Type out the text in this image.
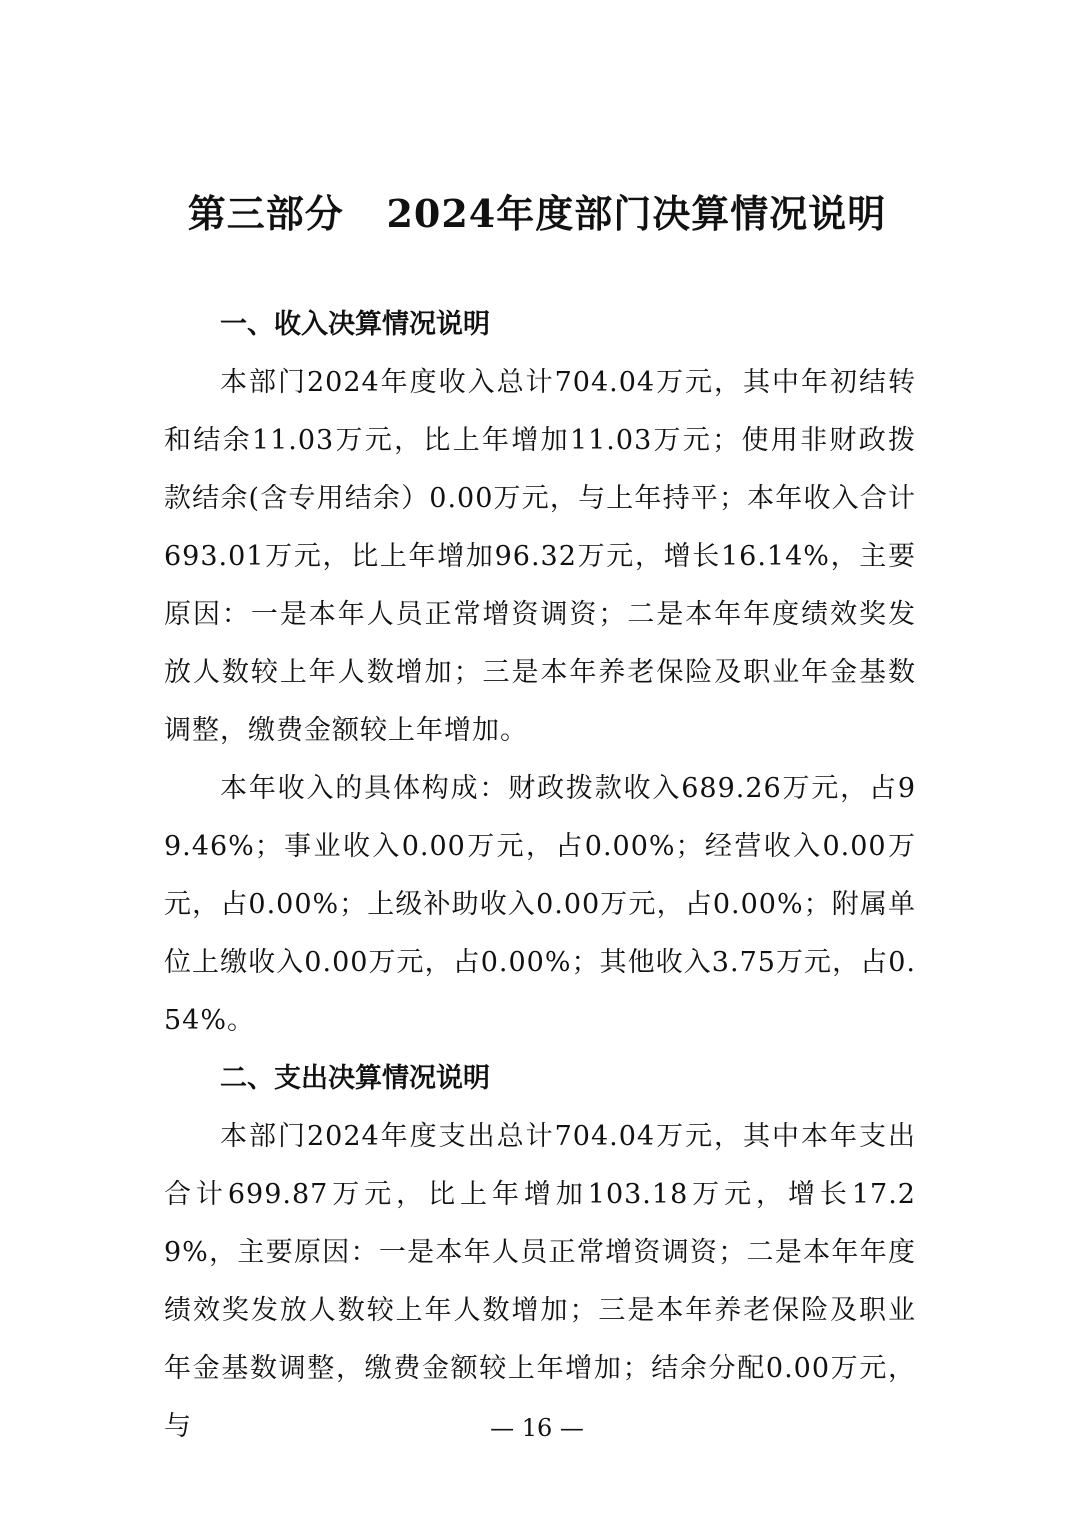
第三部分   2024年度部门决算情况说明
一、收入决算情况说明

本部门2024年度收入总计704.04万元，其中年初结转和结余11.03万元，比上年增加11.03万元；使用非财政拨款结余(含专用结余）0.00万元，与上年持平；本年收入合计693.01万元，比上年增加96.32万元，增长16.14%，主要原因：一是本年人员正常增资调资；二是本年年度绩效奖发放人数较上年人数增加；三是本年养老保险及职业年金基数调整，缴费金额较上年增加。

本年收入的具体构成：财政拨款收入689.26万元，占99.46%；事业收入0.00万元，占0.00%；经营收入0.00万元，占0.00%；上级补助收入0.00万元，占0.00%；附属单位上缴收入0.00万元，占0.00%；其他收入3.75万元，占0.54%。

二、支出决算情况说明

本部门2024年度支出总计704.04万元，其中本年支出合计699.87万元，比上年增加103.18万元，增长17.29%，主要原因：一是本年人员正常增资调资；二是本年年度绩效奖发放人数较上年人数增加；三是本年养老保险及职业年金基数调整，缴费金额较上年增加；结余分配0.00万元，与	— 16 —
